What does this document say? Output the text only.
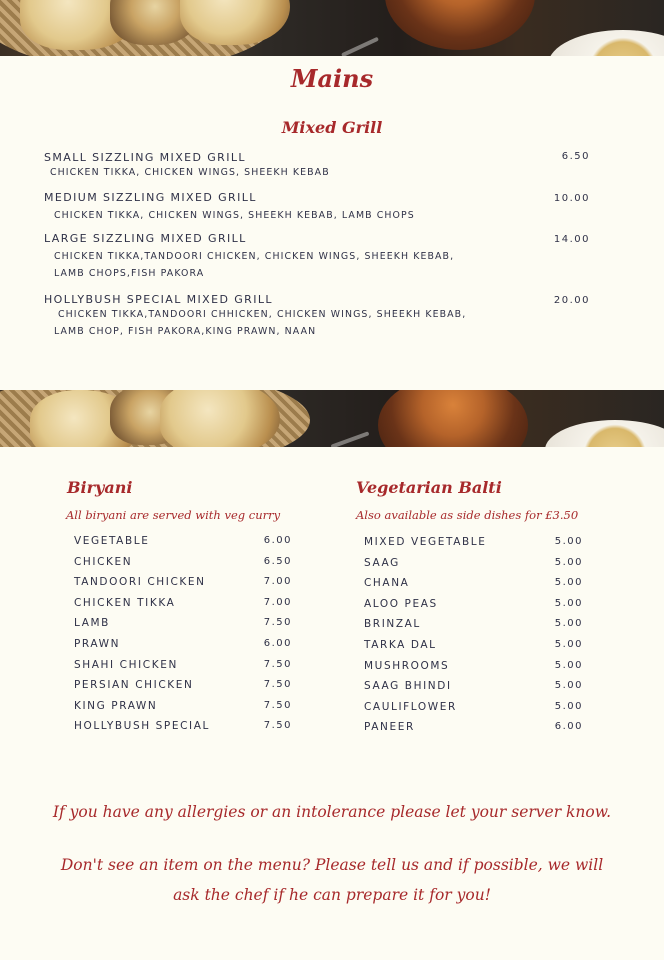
Mains
Mixed Grill
SMALL SIZZLING MIXED GRILL	6.50
CHICKEN TIKKA, CHICKEN WINGS, SHEEKH KEBAB
MEDIUM SIZZLING MIXED GRILL	10.00
CHICKEN TIKKA, CHICKEN WINGS, SHEEKH KEBAB, LAMB CHOPS
LARGE SIZZLING MIXED GRILL	14.00
CHICKEN TIKKA,TANDOORI CHICKEN, CHICKEN WINGS, SHEEKH KEBAB,
LAMB CHOPS,FISH PAKORA
HOLLYBUSH SPECIAL MIXED GRILL	20.00
CHICKEN TIKKA,TANDOORI CHHICKEN, CHICKEN WINGS, SHEEKH KEBAB,
LAMB CHOP, FISH PAKORA,KING PRAWN, NAAN
Biryani

All biryani are served with veg curry

VEGETABLE	6.00
CHICKEN	6.50
TANDOORI CHICKEN	7.00
CHICKEN TIKKA	7.00
LAMB	7.50
PRAWN	6.00
SHAHI CHICKEN	7.50
PERSIAN CHICKEN	7.50
KING PRAWN	7.50
HOLLYBUSH SPECIAL	7.50
Vegetarian Balti

Also available as side dishes for £3.50

MIXED VEGETABLE	5.00
SAAG	5.00
CHANA	5.00
ALOO PEAS	5.00
BRINZAL	5.00
TARKA DAL	5.00
MUSHROOMS	5.00
SAAG BHINDI	5.00
CAULIFLOWER	5.00
PANEER	6.00

If you have any allergies or an intolerance please let your server know.

Don't see an item on the menu? Please tell us and if possible, we will

ask the chef if he can prepare it for you!
